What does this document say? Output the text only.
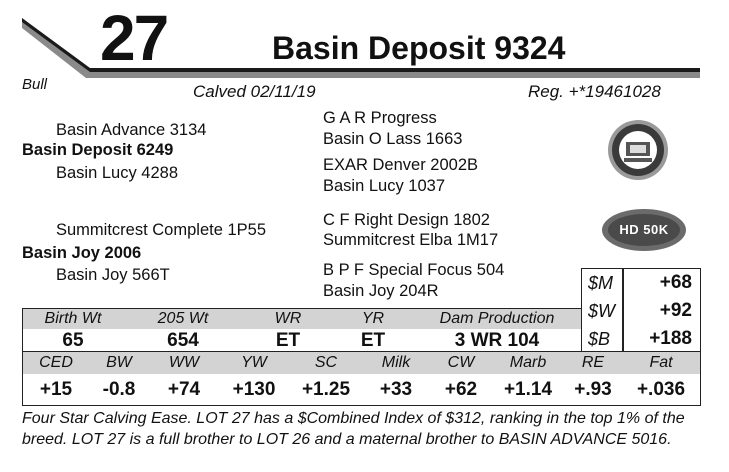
Bull
27	Basin Deposit 9324
Calved 02/11/19	Reg. +*19461028
Basin Advance 3134
Basin Deposit 6249
Basin Lucy 4288
G A R Progress
Basin O Lass 1663
EXAR Denver 2002B
Basin Lucy 1037
Summitcrest Complete 1P55
Basin Joy 2006
Basin Joy 566T
C F Right Design 1802
Summitcrest Elba 1M17
B P F Special Focus 504
Basin Joy 204R
HD 50K
$M +68
$W +92
$B +188
Birth Wt	205 Wt	WR	YR	Dam Production
65	654	ET	ET	3 WR 104
CED	BW	WW	YW	SC	Milk	CW	Marb	RE	Fat
+15	-0.8	+74	+130	+1.25	+33	+62	+1.14	+.93	+.036
Four Star Calving Ease. LOT 27 has a $Combined Index of $312, ranking in the top 1% of the breed. LOT 27 is a full brother to LOT 26 and a maternal brother to BASIN ADVANCE 5016.
